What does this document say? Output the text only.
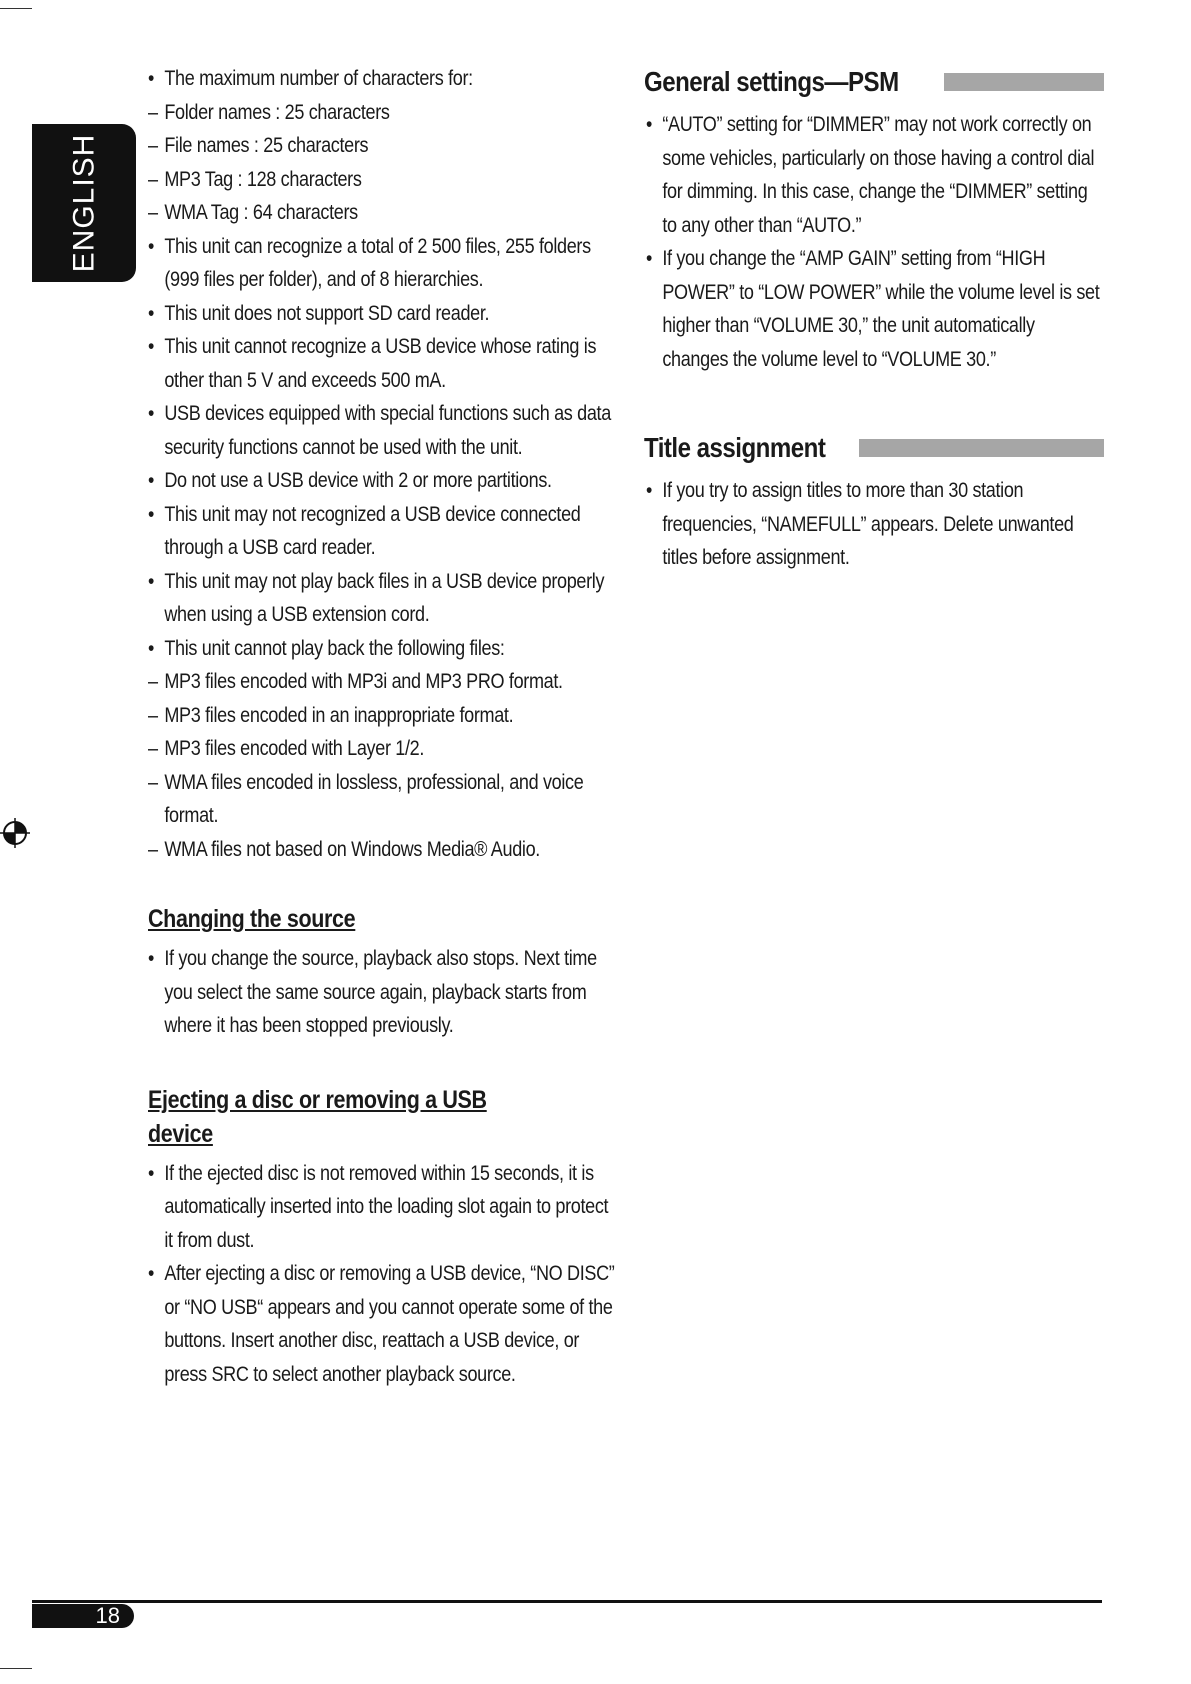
ENGLISH
• The maximum number of characters for:
– Folder names : 25 characters
– File names : 25 characters
– MP3 Tag : 128 characters
– WMA Tag : 64 characters
• This unit can recognize a total of 2 500 files, 255 folders (999 files per folder), and of 8 hierarchies.
• This unit does not support SD card reader.
• This unit cannot recognize a USB device whose rating is other than 5 V and exceeds 500 mA.
• USB devices equipped with special functions such as data security functions cannot be used with the unit.
• Do not use a USB device with 2 or more partitions.
• This unit may not recognized a USB device connected through a USB card reader.
• This unit may not play back files in a USB device properly when using a USB extension cord.
• This unit cannot play back the following files:
– MP3 files encoded with MP3i and MP3 PRO format.
– MP3 files encoded in an inappropriate format.
– MP3 files encoded with Layer 1/2.
– WMA files encoded in lossless, professional, and voice format.
– WMA files not based on Windows Media® Audio.
Changing the source
• If you change the source, playback also stops. Next time you select the same source again, playback starts from where it has been stopped previously.
Ejecting a disc or removing a USB device
• If the ejected disc is not removed within 15 seconds, it is automatically inserted into the loading slot again to protect it from dust.
• After ejecting a disc or removing a USB device, “NO DISC” or “NO USB“ appears and you cannot operate some of the buttons. Insert another disc, reattach a USB device, or press SRC to select another playback source.
General settings—PSM
• “AUTO” setting for “DIMMER” may not work correctly on some vehicles, particularly on those having a control dial for dimming. In this case, change the “DIMMER” setting to any other than “AUTO.”
• If you change the “AMP GAIN” setting from “HIGH POWER” to “LOW POWER” while the volume level is set higher than “VOLUME 30,” the unit automatically changes the volume level to “VOLUME 30.”
Title assignment
• If you try to assign titles to more than 30 station frequencies, “NAMEFULL” appears. Delete unwanted titles before assignment.
18
